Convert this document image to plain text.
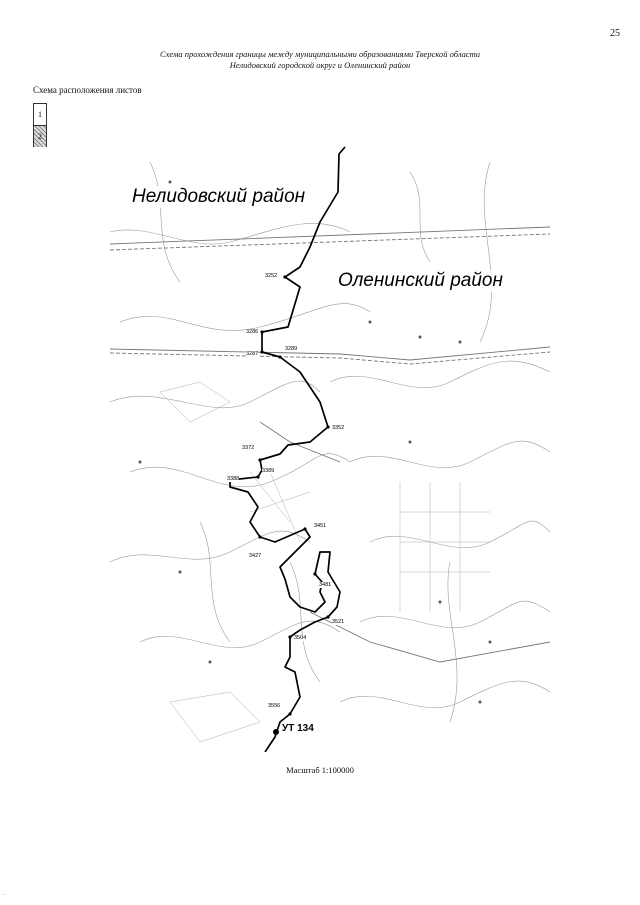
25
Схема прохождения границы между муниципальными образованиями Тверской области
Нелидовский городской округ и Оленинский район
Схема расположения листов
1
2
Нелидовский район
Оленинский район
3252
3286
3287
3289
3352
3372
3388
3389
3451
3427
3481
3521
3504
3556
УТ 134
Масштаб 1:100000
.
